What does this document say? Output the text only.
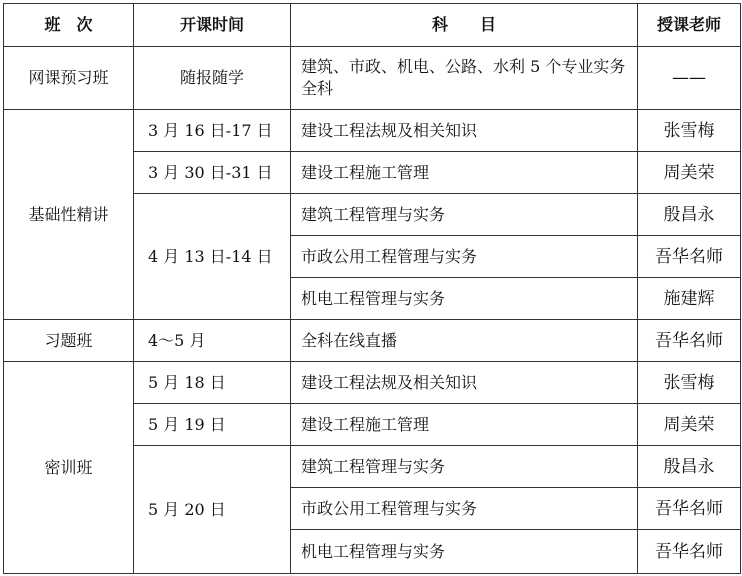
班　次	开课时间	科　　目	授课老师
网课预习班	随报随学	建筑、市政、机电、公路、水利 5 个专业实务全科	——
基础性精讲	3 月 16 日-17 日	建设工程法规及相关知识	张雪梅
	3 月 30 日-31 日	建设工程施工管理	周美荣
	4 月 13 日-14 日	建筑工程管理与实务	殷昌永
		市政公用工程管理与实务	吾华名师
		机电工程管理与实务	施建辉
习题班	4～5 月	全科在线直播	吾华名师
密训班	5 月 18 日	建设工程法规及相关知识	张雪梅
	5 月 19 日	建设工程施工管理	周美荣
	5 月 20 日	建筑工程管理与实务	殷昌永
		市政公用工程管理与实务	吾华名师
		机电工程管理与实务	吾华名师
